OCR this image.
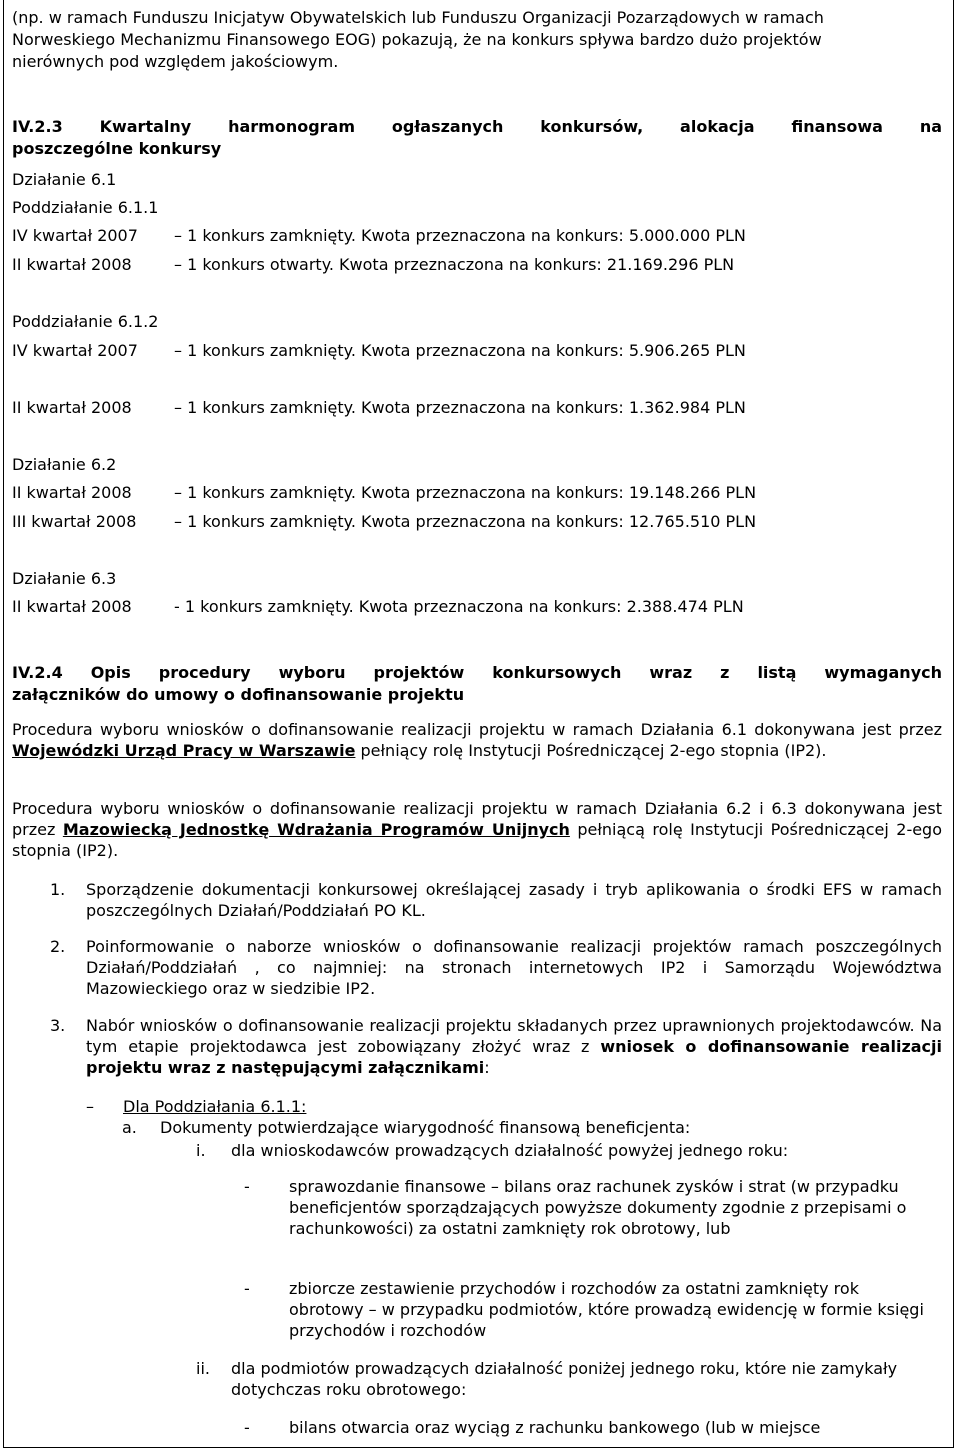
(np. w ramach Funduszu Inicjatyw Obywatelskich lub Funduszu Organizacji Pozarządowych w ramach
Norweskiego Mechanizmu Finansowego EOG) pokazują, że na konkurs spływa bardzo dużo projektów
nierównych pod względem jakościowym.
IV.2.3 Kwartalny harmonogram ogłaszanych konkursów, alokacja finansowa na
poszczególne konkursy
Działanie 6.1
Poddziałanie 6.1.1
IV kwartał 2007 – 1 konkurs zamknięty. Kwota przeznaczona na konkurs: 5.000.000 PLN
II kwartał 2008	– 1 konkurs otwarty. Kwota przeznaczona na konkurs: 21.169.296 PLN
Poddziałanie 6.1.2
IV kwartał 2007 – 1 konkurs zamknięty. Kwota przeznaczona na konkurs: 5.906.265 PLN
II kwartał 2008	– 1 konkurs zamknięty. Kwota przeznaczona na konkurs: 1.362.984 PLN
Działanie 6.2
II kwartał 2008	– 1 konkurs zamknięty. Kwota przeznaczona na konkurs: 19.148.266 PLN
III kwartał 2008 – 1 konkurs zamknięty. Kwota przeznaczona na konkurs: 12.765.510 PLN
Działanie 6.3
II kwartał 2008	- 1 konkurs zamknięty. Kwota przeznaczona na konkurs: 2.388.474 PLN
IV.2.4 Opis procedury wyboru projektów konkursowych wraz z listą wymaganych
załączników do umowy o dofinansowanie projektu
Procedura wyboru wniosków o dofinansowanie realizacji projektu w ramach Działania 6.1 dokonywana jest przez Wojewódzki Urząd Pracy w Warszawie pełniący rolę Instytucji Pośredniczącej 2-ego stopnia (IP2).
Procedura wyboru wniosków o dofinansowanie realizacji projektu w ramach Działania 6.2 i 6.3 dokonywana jest przez Mazowiecką Jednostkę Wdrażania Programów Unijnych pełniącą rolę Instytucji Pośredniczącej 2-ego stopnia (IP2).
1. Sporządzenie dokumentacji konkursowej określającej zasady i tryb aplikowania o środki EFS w ramach poszczególnych Działań/Poddziałań PO KL.
2. Poinformowanie o naborze wniosków o dofinansowanie realizacji projektów ramach poszczególnych Działań/Poddziałań , co najmniej: na stronach internetowych IP2 i Samorządu Województwa Mazowieckiego oraz w siedzibie IP2.
3. Nabór wniosków o dofinansowanie realizacji projektu składanych przez uprawnionych projektodawców. Na tym etapie projektodawca jest zobowiązany złożyć wraz z wniosek o dofinansowanie realizacji projektu wraz z następującymi załącznikami:
– Dla Poddziałania 6.1.1:
a. Dokumenty potwierdzające wiarygodność finansową beneficjenta:
i. dla wnioskodawców prowadzących działalność powyżej jednego roku:
- sprawozdanie finansowe – bilans oraz rachunek zysków i strat (w przypadku beneficjentów sporządzających powyższe dokumenty zgodnie z przepisami o rachunkowości) za ostatni zamknięty rok obrotowy, lub
- zbiorcze zestawienie przychodów i rozchodów za ostatni zamknięty rok obrotowy – w przypadku podmiotów, które prowadzą ewidencję w formie księgi przychodów i rozchodów
ii. dla podmiotów prowadzących działalność poniżej jednego roku, które nie zamykały dotychczas roku obrotowego:
- bilans otwarcia oraz wyciąg z rachunku bankowego (lub w miejsce
